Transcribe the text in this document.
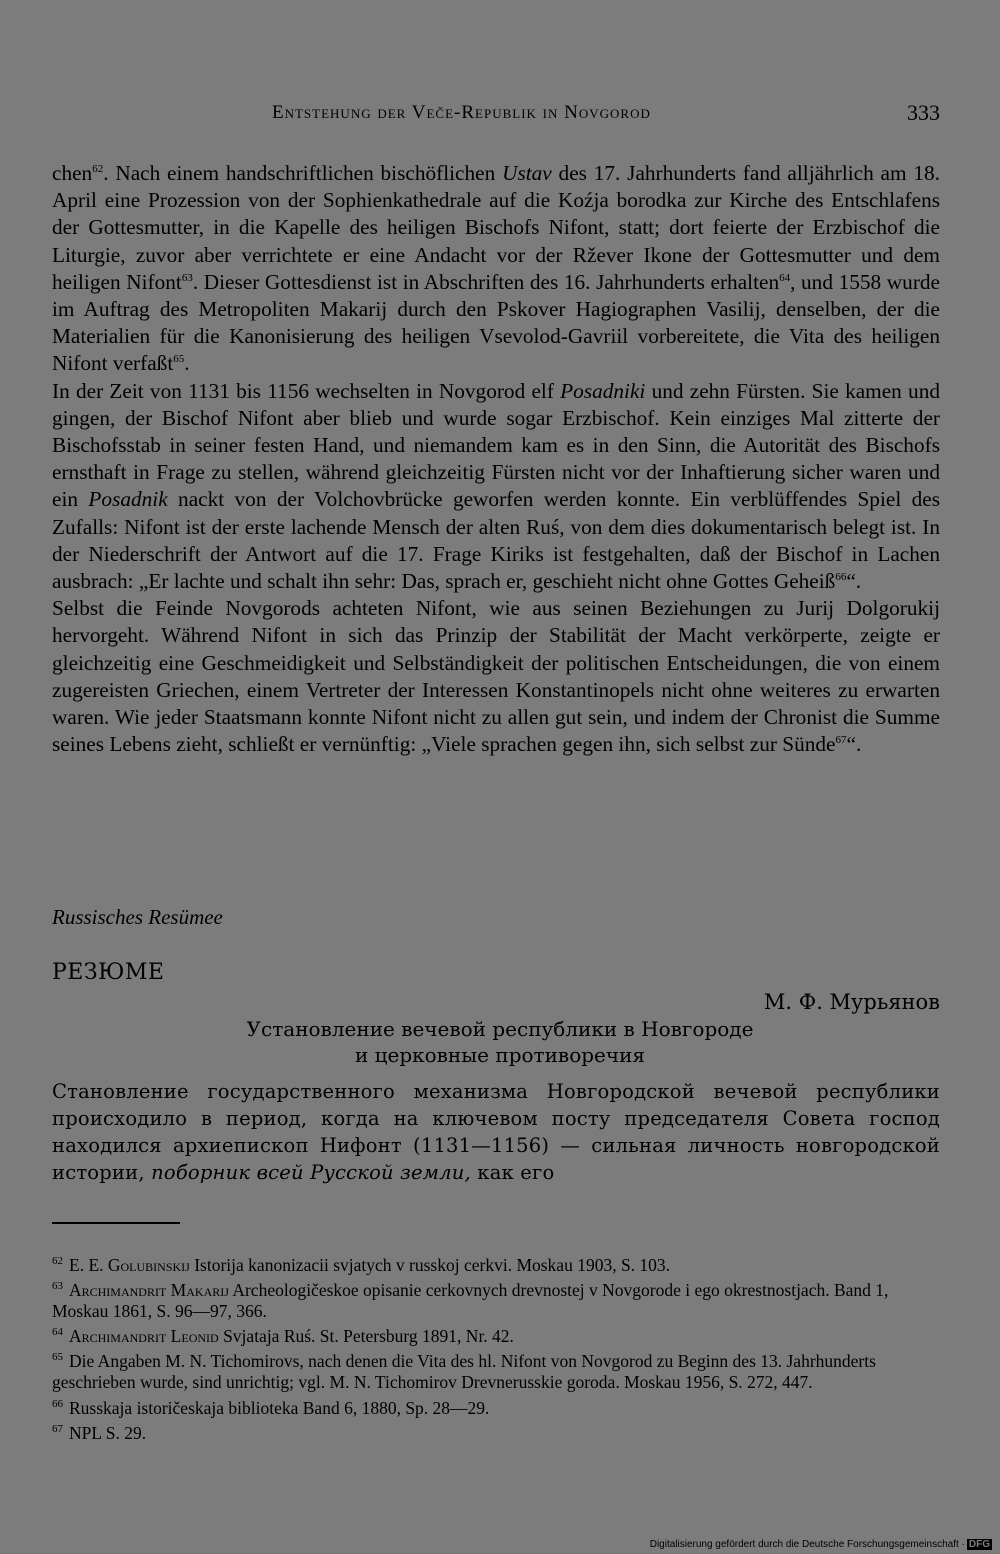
Entstehung der Veče-Republik in Novgorod	333

chen$^{62}$. Nach einem handschriftlichen bischöflichen Ustav des 17. Jahrhunderts fand alljährlich am 18. April eine Prozession von der Sophienkathedrale auf die Koźja borodka zur Kirche des Entschlafens der Gottesmutter, in die Kapelle des heiligen Bischofs Nifont, statt; dort feierte der Erzbischof die Liturgie, zuvor aber verrichtete er eine Andacht vor der Ržever Ikone der Gottesmutter und dem heiligen Nifont$^{63}$. Dieser Gottesdienst ist in Abschriften des 16. Jahrhunderts erhalten$^{64}$, und 1558 wurde im Auftrag des Metropoliten Makarij durch den Pskover Hagiographen Vasilij, denselben, der die Materialien für die Kanonisierung des heiligen Vsevolod-Gavriil vorbereitete, die Vita des heiligen Nifont verfaßt$^{65}$.

In der Zeit von 1131 bis 1156 wechselten in Novgorod elf Posadniki und zehn Fürsten. Sie kamen und gingen, der Bischof Nifont aber blieb und wurde sogar Erzbischof. Kein einziges Mal zitterte der Bischofsstab in seiner festen Hand, und niemandem kam es in den Sinn, die Autorität des Bischofs ernsthaft in Frage zu stellen, während gleichzeitig Fürsten nicht vor der Inhaftierung sicher waren und ein Posadnik nackt von der Volchovbrücke geworfen werden konnte. Ein verblüffendes Spiel des Zufalls: Nifont ist der erste lachende Mensch der alten Ruś, von dem dies dokumentarisch belegt ist. In der Niederschrift der Antwort auf die 17. Frage Kiriks ist festgehalten, daß der Bischof in Lachen ausbrach: „Er lachte und schalt ihn sehr: Das, sprach er, geschieht nicht ohne Gottes Geheiß$^{66}$“.

Selbst die Feinde Novgorods achteten Nifont, wie aus seinen Beziehungen zu Jurij Dolgorukij hervorgeht. Während Nifont in sich das Prinzip der Stabilität der Macht verkörperte, zeigte er gleichzeitig eine Geschmeidigkeit und Selbständigkeit der politischen Entscheidungen, die von einem zugereisten Griechen, einem Vertreter der Interessen Konstantinopels nicht ohne weiteres zu erwarten waren. Wie jeder Staatsmann konnte Nifont nicht zu allen gut sein, und indem der Chronist die Summe seines Lebens zieht, schließt er vernünftig: „Viele sprachen gegen ihn, sich selbst zur Sünde$^{67}$“.

Russisches Resümee
РЕЗЮМЕ
М. Ф. Мурьянов
Установление вечевой республики в Новгороде
и церковные противоречия
Становление государственного механизма Новгородской вечевой республики происходило в период, когда на ключевом посту председателя Совета господ находился архиепископ Нифонт (1131—1156) — сильная личность новгородской истории, поборник всей Русской земли, как его

$^{62}$ E. E. Golubinskij Istorija kanonizacii svjatych v russkoj cerkvi. Moskau 1903, S. 103.

$^{63}$ Archimandrit Makarij Archeologičeskoe opisanie cerkovnych drevnostej v Novgorode i ego okrestnostjach. Band 1, Moskau 1861, S. 96—97, 366.

$^{64}$ Archimandrit Leonid Svjataja Ruś. St. Petersburg 1891, Nr. 42.

$^{65}$ Die Angaben M. N. Tichomirovs, nach denen die Vita des hl. Nifont von Novgorod zu Beginn des 13. Jahrhunderts geschrieben wurde, sind unrichtig; vgl. M. N. Tichomirov Drevnerusskie goroda. Moskau 1956, S. 272, 447.

$^{66}$ Russkaja istoričeskaja biblioteka Band 6, 1880, Sp. 28—29.

$^{67}$ NPL S. 29.

Digitalisierung gefördert durch die Deutsche Forschungsgemeinschaft · DFG
